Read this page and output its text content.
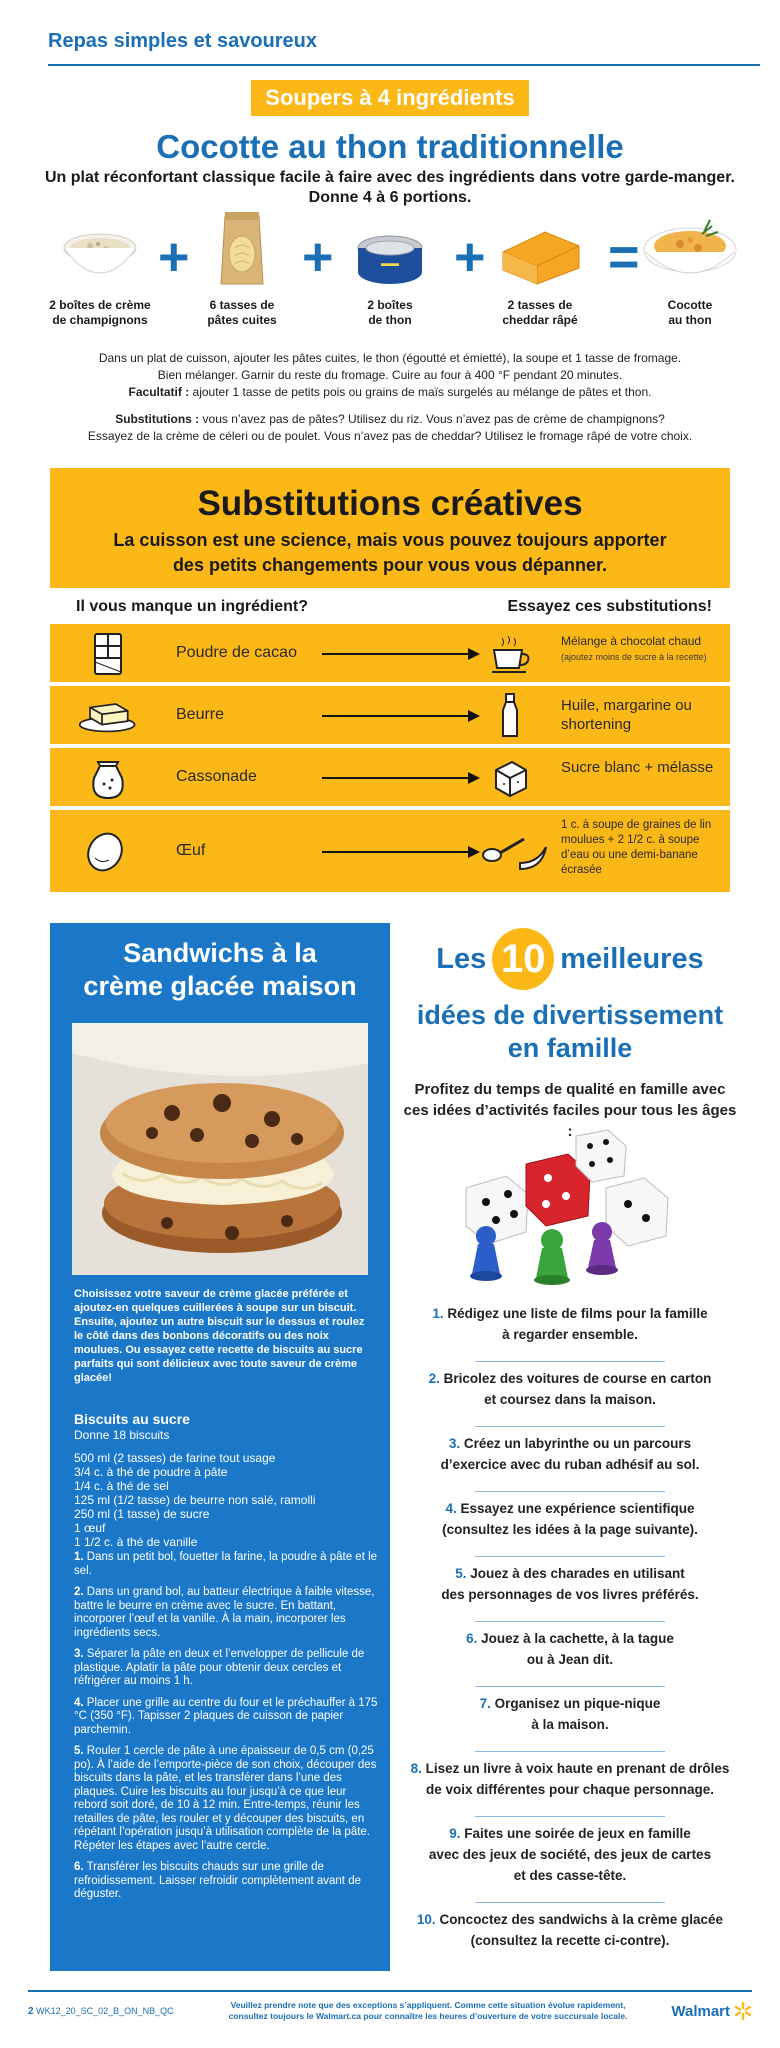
Repas simples et savoureux
Soupers à 4 ingrédients
Cocotte au thon traditionnelle
Un plat réconfortant classique facile à faire avec des ingrédients dans votre garde-manger.
Donne 4 à 6 portions.
2 boîtes de crème
de champignons
+
6 tasses de
pâtes cuites
+	▬▬
2 boîtes
de thon
+
2 tasses de
cheddar râpé
=
Cocotte
au thon

Dans un plat de cuisson, ajouter les pâtes cuites, le thon (égoutté et émietté), la soupe et 1 tasse de fromage.

Bien mélanger. Garnir du reste du fromage. Cuire au four à 400 °F pendant 20 minutes.

Facultatif : ajouter 1 tasse de petits pois ou grains de maïs surgelés au mélange de pâtes et thon.

Substitutions : vous n’avez pas de pâtes? Utilisez du riz. Vous n’avez pas de crème de champignons?

Essayez de la crème de céleri ou de poulet. Vous n’avez pas de cheddar? Utilisez le fromage râpé de votre choix.

Substitutions créatives
La cuisson est une science, mais vous pouvez toujours apporter
des petits changements pour vous vous dépanner.
Il vous manque un ingrédient?	Essayez ces substitutions!
Poudre de cacao
Mélange à chocolat chaud
(ajoutez moins de sucre à la recette)
Beurre
Huile, margarine ou shortening
Cassonade
Sucre blanc + mélasse
Œuf
1 c. à soupe de graines de lin moulues + 2 1/2 c. à soupe d’eau ou une demi-banane écrasée
Sandwichs à la
crème glacée maison
Choisissez votre saveur de crème glacée préférée et ajoutez-en quelques cuillerées à soupe sur un biscuit. Ensuite, ajoutez un autre biscuit sur le dessus et roulez le côté dans des bonbons décoratifs ou des noix moulues. Ou essayez cette recette de biscuits au sucre parfaits qui sont délicieux avec toute saveur de crème glacée!
Biscuits au sucre
Donne 18 biscuits
500 ml (2 tasses) de farine tout usage
3/4 c. à thé de poudre à pâte
1/4 c. à thé de sel
125 ml (1/2 tasse) de beurre non salé, ramolli
250 ml (1 tasse) de sucre
1 œuf
1 1/2 c. à thé de vanille
1. Dans un petit bol, fouetter la farine, la poudre à pâte et le sel.
2. Dans un grand bol, au batteur électrique à faible vitesse, battre le beurre en crème avec le sucre. En battant, incorporer l’œuf et la vanille. À la main, incorporer les ingrédients secs.
3. Séparer la pâte en deux et l’envelopper de pellicule de plastique. Aplatir la pâte pour obtenir deux cercles et réfrigérer au moins 1 h.
4. Placer une grille au centre du four et le préchauffer à 175 °C (350 °F). Tapisser 2 plaques de cuisson de papier parchemin.
5. Rouler 1 cercle de pâte à une épaisseur de 0,5 cm (0,25 po). À l’aide de l’emporte-pièce de son choix, découper des biscuits dans la pâte, et les transférer dans l’une des plaques. Cuire les biscuits au four jusqu’à ce que leur rebord soit doré, de 10 à 12 min. Entre-temps, réunir les retailles de pâte, les rouler et y découper des biscuits, en répétant l’opération jusqu’à utilisation complète de la pâte. Répéter les étapes avec l’autre cercle.
6. Transférer les biscuits chauds sur une grille de refroidissement. Laisser refroidir complètement avant de déguster.
Les 10 meilleures
idées de divertissement
en famille
Profitez du temps de qualité en famille avec
ces idées d’activités faciles pour tous les âges :
1. Rédigez une liste de films pour la famille
à regarder ensemble.
2. Bricolez des voitures de course en carton
et coursez dans la maison.
3. Créez un labyrinthe ou un parcours
d’exercice avec du ruban adhésif au sol.
4. Essayez une expérience scientifique
(consultez les idées à la page suivante).
5. Jouez à des charades en utilisant
des personnages de vos livres préférés.
6. Jouez à la cachette, à la tague
ou à Jean dit.
7. Organisez un pique-nique
à la maison.
8. Lisez un livre à voix haute en prenant de drôles
de voix différentes pour chaque personnage.
9. Faites une soirée de jeux en famille
avec des jeux de société, des jeux de cartes
et des casse-tête.
10. Concoctez des sandwichs à la crème glacée
(consultez la recette ci-contre).
2 WK12_20_SC_02_B_ON_NB_QC
Veuillez prendre note que des exceptions s’appliquent. Comme cette situation évolue rapidement,
consultez toujours le Walmart.ca pour connaître les heures d’ouverture de votre succursale locale.	Walmart
